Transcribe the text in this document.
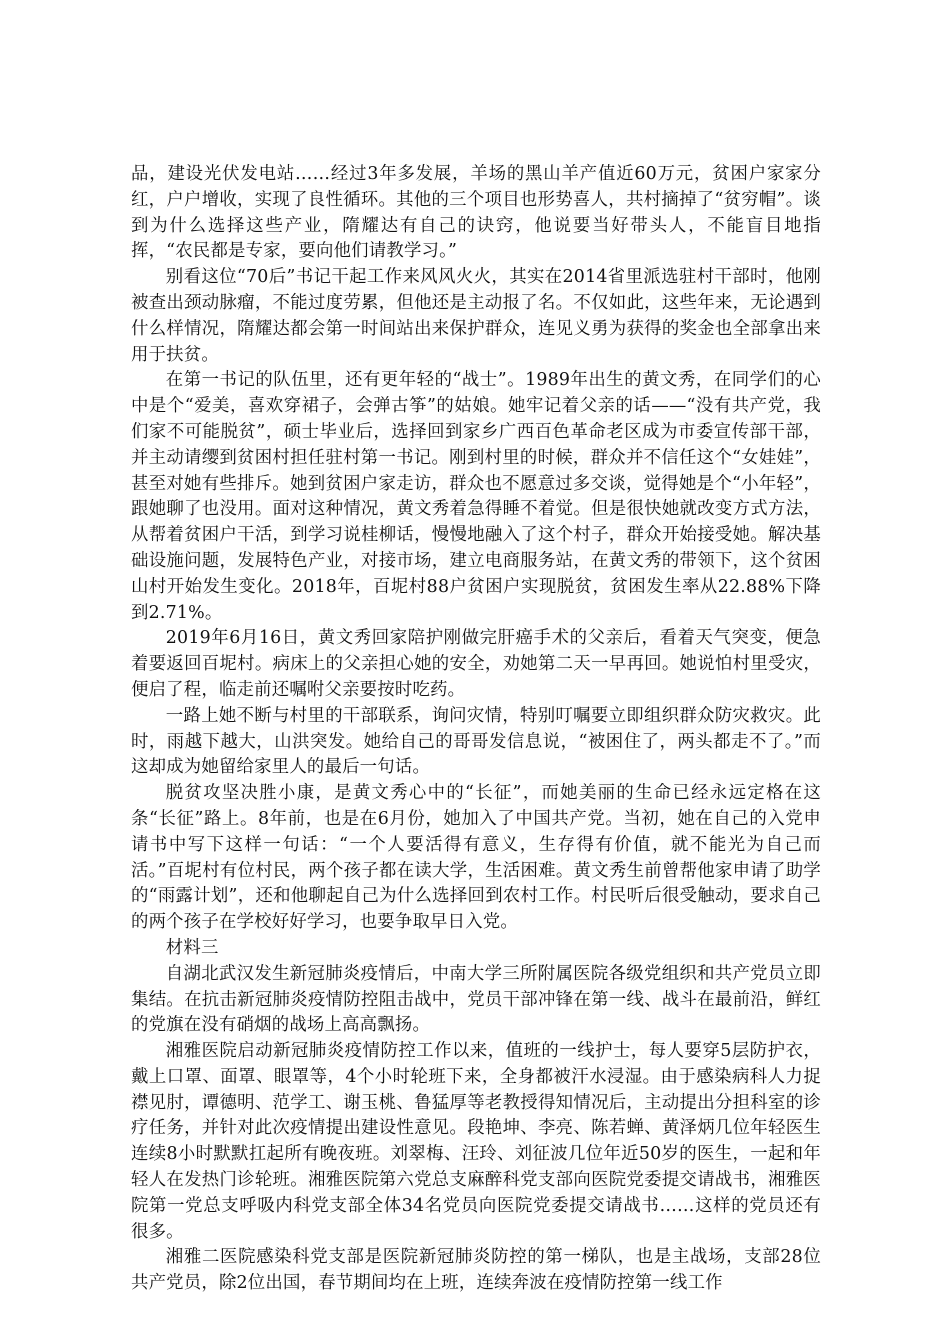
品，建设光伏发电站……经过3年多发展，羊场的黑山羊产值近60万元，贫困户家家分红，户户增收，实现了良性循环。其他的三个项目也形势喜人，共村摘掉了“贫穷帽”。谈到为什么选择这些产业，隋耀达有自己的诀窍，他说要当好带头人，不能盲目地指挥，“农民都是专家，要向他们请教学习。”

别看这位“70后”书记干起工作来风风火火，其实在2014省里派选驻村干部时，他刚被查出颈动脉瘤，不能过度劳累，但他还是主动报了名。不仅如此，这些年来，无论遇到什么样情况，隋耀达都会第一时间站出来保护群众，连见义勇为获得的奖金也全部拿出来用于扶贫。

在第一书记的队伍里，还有更年轻的“战士”。1989年出生的黄文秀，在同学们的心中是个“爱美，喜欢穿裙子，会弹古筝”的姑娘。她牢记着父亲的话——“没有共产党，我们家不可能脱贫”，硕士毕业后，选择回到家乡广西百色革命老区成为市委宣传部干部，并主动请缨到贫困村担任驻村第一书记。刚到村里的时候，群众并不信任这个“女娃娃”，甚至对她有些排斥。她到贫困户家走访，群众也不愿意过多交谈，觉得她是个“小年轻”，跟她聊了也没用。面对这种情况，黄文秀着急得睡不着觉。但是很快她就改变方式方法，从帮着贫困户干活，到学习说桂柳话，慢慢地融入了这个村子，群众开始接受她。解决基础设施问题，发展特色产业，对接市场，建立电商服务站，在黄文秀的带领下，这个贫困山村开始发生变化。2018年，百坭村88户贫困户实现脱贫，贫困发生率从22.88%下降到2.71%。

2019年6月16日，黄文秀回家陪护刚做完肝癌手术的父亲后，看着天气突变，便急着要返回百坭村。病床上的父亲担心她的安全，劝她第二天一早再回。她说怕村里受灾，便启了程，临走前还嘱咐父亲要按时吃药。

一路上她不断与村里的干部联系，询问灾情，特别叮嘱要立即组织群众防灾救灾。此时，雨越下越大，山洪突发。她给自己的哥哥发信息说，“被困住了，两头都走不了。”而这却成为她留给家里人的最后一句话。

脱贫攻坚决胜小康，是黄文秀心中的“长征”，而她美丽的生命已经永远定格在这条“长征”路上。8年前，也是在6月份，她加入了中国共产党。当初，她在自己的入党申请书中写下这样一句话：“一个人要活得有意义，生存得有价值，就不能光为自己而活。”百坭村有位村民，两个孩子都在读大学，生活困难。黄文秀生前曾帮他家申请了助学的“雨露计划”，还和他聊起自己为什么选择回到农村工作。村民听后很受触动，要求自己的两个孩子在学校好好学习，也要争取早日入党。

材料三

自湖北武汉发生新冠肺炎疫情后，中南大学三所附属医院各级党组织和共产党员立即集结。在抗击新冠肺炎疫情防控阻击战中，党员干部冲锋在第一线、战斗在最前沿，鲜红的党旗在没有硝烟的战场上高高飘扬。

湘雅医院启动新冠肺炎疫情防控工作以来，值班的一线护士，每人要穿5层防护衣，戴上口罩、面罩、眼罩等，4个小时轮班下来，全身都被汗水浸湿。由于感染病科人力捉襟见肘，谭德明、范学工、谢玉桃、鲁猛厚等老教授得知情况后，主动提出分担科室的诊疗任务，并针对此次疫情提出建设性意见。段艳坤、李亮、陈若蝉、黄泽炳几位年轻医生连续8小时默默扛起所有晚夜班。刘翠梅、汪玲、刘征波几位年近50岁的医生，一起和年轻人在发热门诊轮班。湘雅医院第六党总支麻醉科党支部向医院党委提交请战书，湘雅医院第一党总支呼吸内科党支部全体34名党员向医院党委提交请战书……这样的党员还有很多。

湘雅二医院感染科党支部是医院新冠肺炎防控的第一梯队，也是主战场，支部28位共产党员，除2位出国，春节期间均在上班，连续奔波在疫情防控第一线工作
